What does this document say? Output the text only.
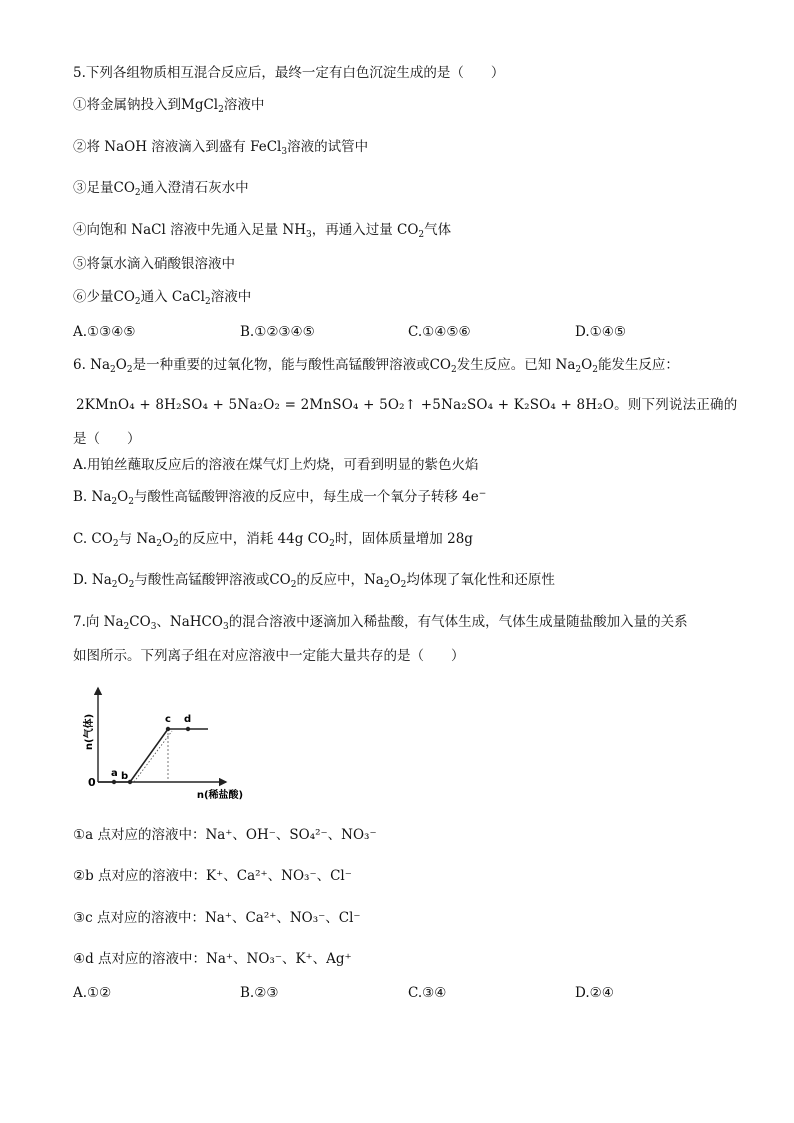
5.下列各组物质相互混合反应后，最终一定有白色沉淀生成的是（　　）
①将金属钠投入到MgCl$_2$溶液中
②将 NaOH 溶液滴入到盛有 FeCl$_3$溶液的试管中
③足量$CO_2$通入澄清石灰水中
④向饱和 NaCl 溶液中先通入足量 $NH_3$，再通入过量 $CO_2$气体
⑤将氯水滴入硝酸银溶液中
⑥少量$CO_2$通入 CaCl$_2$溶液中
A.①③④⑤	B.①②③④⑤	C.①④⑤⑥	D.①④⑤
6. $Na_2O_2$是一种重要的过氧化物，能与酸性高锰酸钾溶液或$CO_2$发生反应。已知 $Na_2O_2$能发生反应：
2KMnO₄ + 8H₂SO₄ + 5Na₂O₂ = 2MnSO₄ + 5O₂↑ +5Na₂SO₄ + K₂SO₄ + 8H₂O。则下列说法正确的
是（　　）
A.用铂丝蘸取反应后的溶液在煤气灯上灼烧，可看到明显的紫色火焰
B. $Na_2O_2$与酸性高锰酸钾溶液的反应中，每生成一个氧分子转移 4e−
C. $CO_2$与 $Na_2O_2$的反应中，消耗 44g $CO_2$时，固体质量增加 28g
D. $Na_2O_2$与酸性高锰酸钾溶液或$CO_2$的反应中，$Na_2O_2$均体现了氧化性和还原性
7.向 $Na_2CO_3$、NaHCO$_3$的混合溶液中逐滴加入稀盐酸，有气体生成，气体生成量随盐酸加入量的关系
如图所示。下列离子组在对应溶液中一定能大量共存的是（　　）
n(气体)
n(稀盐酸)
0
a b
c d
①a 点对应的溶液中：Na⁺、OH⁻、SO₄²⁻、NO₃⁻
②b 点对应的溶液中：K⁺、Ca²⁺、NO₃⁻、Cl⁻
③c 点对应的溶液中：Na⁺、Ca²⁺、NO₃⁻、Cl⁻
④d 点对应的溶液中：Na⁺、NO₃⁻、K⁺、Ag⁺
A.①②	B.②③	C.③④	D.②④
